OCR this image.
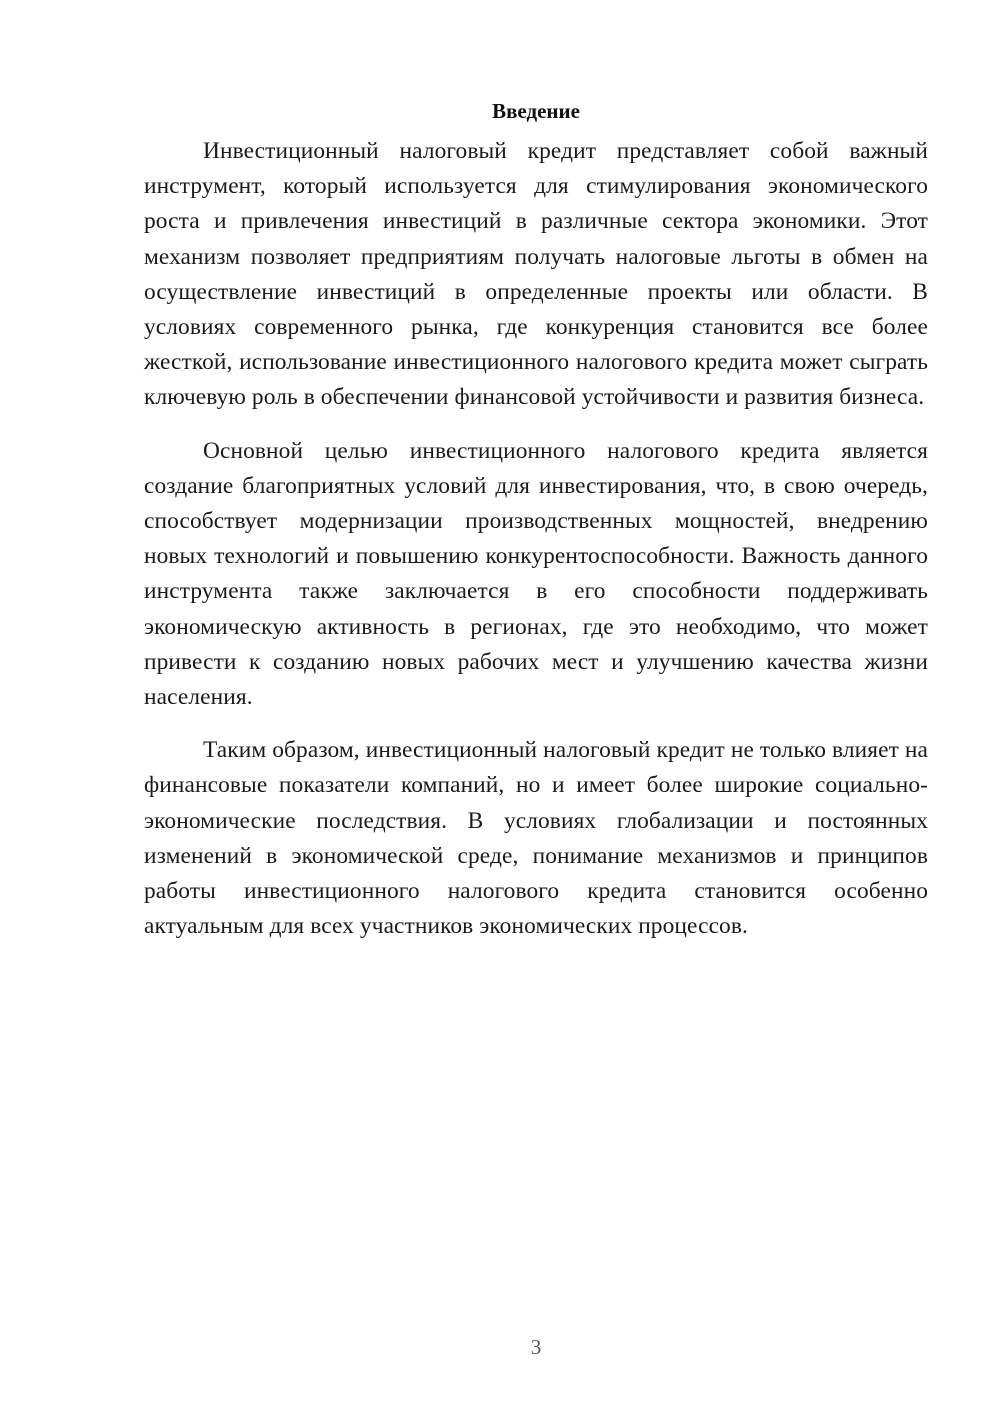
Введение

Инвестиционный налоговый кредит представляет собой важный инструмент, который используется для стимулирования экономического роста и привлечения инвестиций в различные сектора экономики. Этот механизм позволяет предприятиям получать налоговые льготы в обмен на осуществление инвестиций в определенные проекты или области. В условиях современного рынка, где конкуренция становится все более жесткой, использование инвестиционного налогового кредита может сыграть ключевую роль в обеспечении финансовой устойчивости и развития бизнеса.

Основной целью инвестиционного налогового кредита является создание благоприятных условий для инвестирования, что, в свою очередь, способствует модернизации производственных мощностей, внедрению новых технологий и повышению конкурентоспособности. Важность данного инструмента также заключается в его способности поддерживать экономическую активность в регионах, где это необходимо, что может привести к созданию новых рабочих мест и улучшению качества жизни населения.

Таким образом, инвестиционный налоговый кредит не только влияет на финансовые показатели компаний, но и имеет более широкие социально-экономические последствия. В условиях глобализации и постоянных изменений в экономической среде, понимание механизмов и принципов работы инвестиционного налогового кредита становится особенно актуальным для всех участников экономических процессов.

3
